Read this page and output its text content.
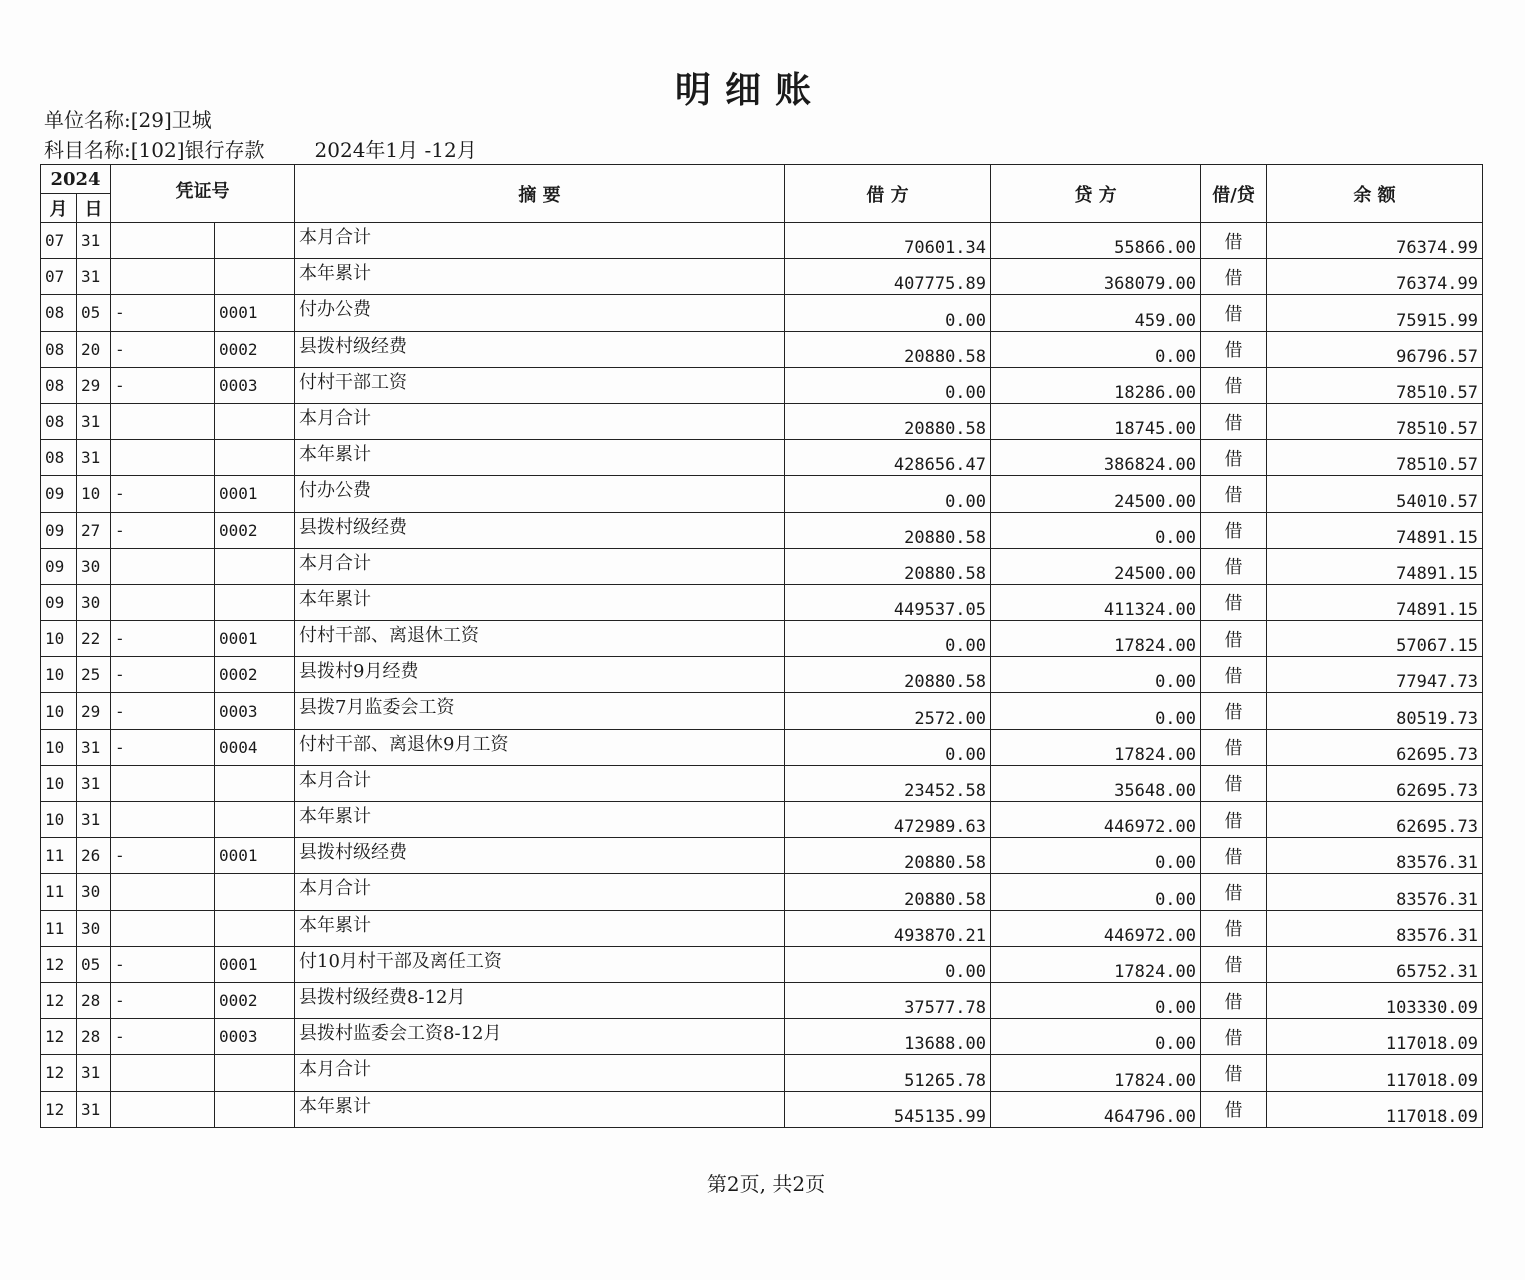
明细账
单位名称:[29]卫城
科目名称:[102]银行存款	2024年1月 -12月
2024		凭证号		摘 要	借 方	贷 方	借/贷	余 额
月	日							
07	31			本月合计	70601.34	55866.00	借	76374.99
07	31			本年累计	407775.89	368079.00	借	76374.99
08	05	-	0001	付办公费	0.00	459.00	借	75915.99
08	20	-	0002	县拨村级经费	20880.58	0.00	借	96796.57
08	29	-	0003	付村干部工资	0.00	18286.00	借	78510.57
08	31			本月合计	20880.58	18745.00	借	78510.57
08	31			本年累计	428656.47	386824.00	借	78510.57
09	10	-	0001	付办公费	0.00	24500.00	借	54010.57
09	27	-	0002	县拨村级经费	20880.58	0.00	借	74891.15
09	30			本月合计	20880.58	24500.00	借	74891.15
09	30			本年累计	449537.05	411324.00	借	74891.15
10	22	-	0001	付村干部、离退休工资	0.00	17824.00	借	57067.15
10	25	-	0002	县拨村9月经费	20880.58	0.00	借	77947.73
10	29	-	0003	县拨7月监委会工资	2572.00	0.00	借	80519.73
10	31	-	0004	付村干部、离退休9月工资	0.00	17824.00	借	62695.73
10	31			本月合计	23452.58	35648.00	借	62695.73
10	31			本年累计	472989.63	446972.00	借	62695.73
11	26	-	0001	县拨村级经费	20880.58	0.00	借	83576.31
11	30			本月合计	20880.58	0.00	借	83576.31
11	30			本年累计	493870.21	446972.00	借	83576.31
12	05	-	0001	付10月村干部及离任工资	0.00	17824.00	借	65752.31
12	28	-	0002	县拨村级经费8-12月	37577.78	0.00	借	103330.09
12	28	-	0003	县拨村监委会工资8-12月	13688.00	0.00	借	117018.09
12	31			本月合计	51265.78	17824.00	借	117018.09
12	31			本年累计	545135.99	464796.00	借	117018.09
第2页, 共2页
